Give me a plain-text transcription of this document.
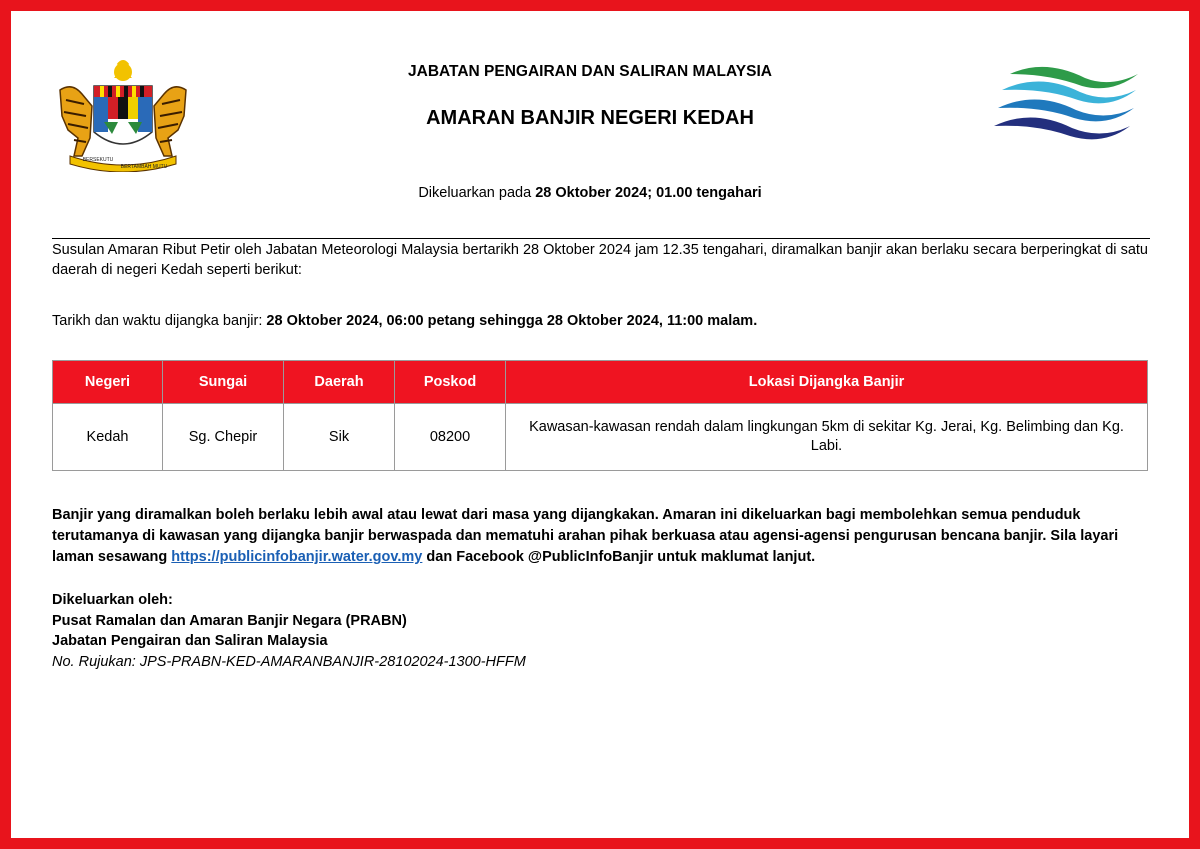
BERSEKUTU
BERTAMBAH MUTU
JABATAN PENGAIRAN DAN SALIRAN MALAYSIA
AMARAN BANJIR NEGERI KEDAH
Dikeluarkan pada 28 Oktober 2024; 01.00 tengahari
Susulan Amaran Ribut Petir oleh Jabatan Meteorologi Malaysia bertarikh 28 Oktober 2024 jam 12.35 tengahari, diramalkan banjir akan berlaku secara berperingkat di satu daerah di negeri Kedah seperti berikut:
Tarikh dan waktu dijangka banjir: 28 Oktober 2024, 06:00 petang sehingga 28 Oktober 2024, 11:00 malam.
Negeri	Sungai	Daerah	Poskod	Lokasi Dijangka Banjir
Kedah	Sg. Chepir	Sik	08200	Kawasan-kawasan rendah dalam lingkungan 5km di sekitar Kg. Jerai, Kg. Belimbing dan Kg. Labi.
Banjir yang diramalkan boleh berlaku lebih awal atau lewat dari masa yang dijangkakan. Amaran ini dikeluarkan bagi membolehkan semua penduduk terutamanya di kawasan yang dijangka banjir berwaspada dan mematuhi arahan pihak berkuasa atau agensi-agensi pengurusan bencana banjir. Sila layari laman sesawang https://publicinfobanjir.water.gov.my dan Facebook @PublicInfoBanjir untuk maklumat lanjut.
Dikeluarkan oleh:
Pusat Ramalan dan Amaran Banjir Negara (PRABN)
Jabatan Pengairan dan Saliran Malaysia
No. Rujukan: JPS-PRABN-KED-AMARANBANJIR-28102024-1300-HFFM
